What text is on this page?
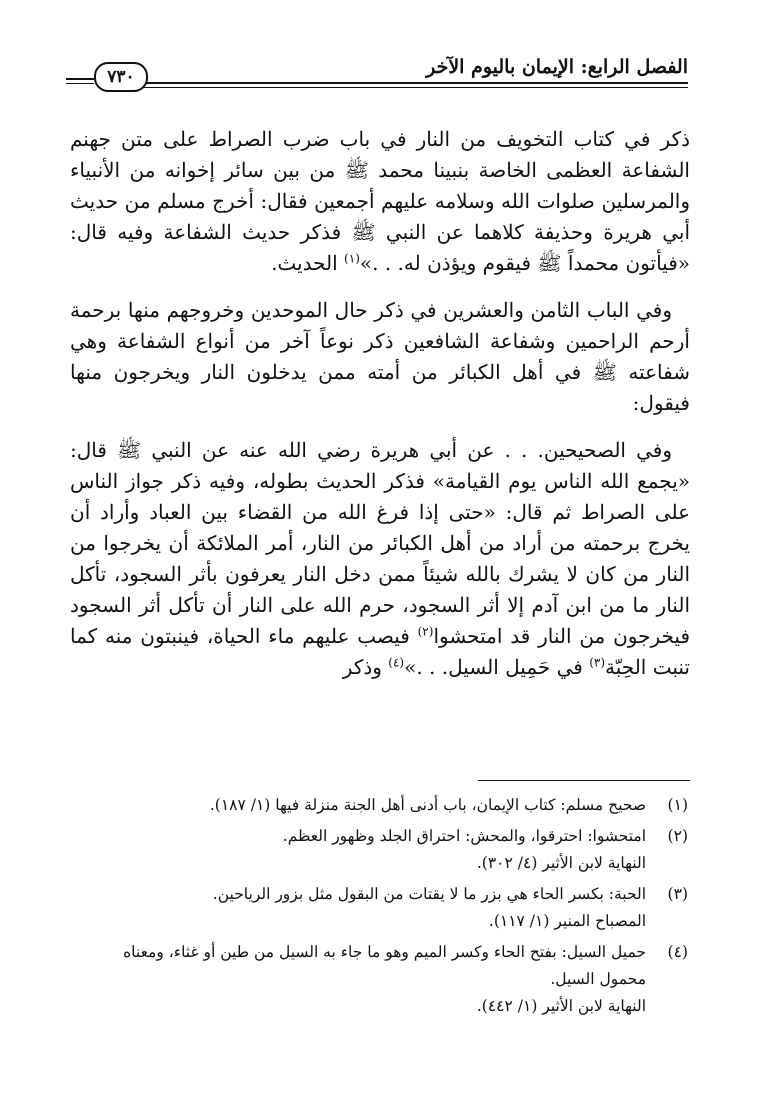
الفصل الرابع: الإيمان باليوم الآخر
٧٣٠

ذكر في كتاب التخويف من النار في باب ضرب الصراط على متن جهنم الشفاعة العظمى الخاصة بنبينا محمد ﷺ من بين سائر إخوانه من الأنبياء والمرسلين صلوات الله وسلامه عليهم أجمعين فقال: أخرج مسلم من حديث أبي هريرة وحذيفة كلاهما عن النبي ﷺ فذكر حديث الشفاعة وفيه قال: «فيأتون محمداً ﷺ فيقوم ويؤذن له. . .»$^{(١)}$ الحديث.

وفي الباب الثامن والعشرين في ذكر حال الموحدين وخروجهم منها برحمة أرحم الراحمين وشفاعة الشافعين ذكر نوعاً آخر من أنواع الشفاعة وهي شفاعته ﷺ في أهل الكبائر من أمته ممن يدخلون النار ويخرجون منها فيقول:

وفي الصحيحين. . . عن أبي هريرة رضي الله عنه عن النبي ﷺ قال: «يجمع الله الناس يوم القيامة» فذكر الحديث بطوله، وفيه ذكر جواز الناس على الصراط ثم قال: «حتى إذا فرغ الله من القضاء بين العباد وأراد أن يخرج برحمته من أراد من أهل الكبائر من النار، أمر الملائكة أن يخرجوا من النار من كان لا يشرك بالله شيئاً ممن دخل النار يعرفون بأثر السجود، تأكل النار ما من ابن آدم إلا أثر السجود، حرم الله على النار أن تأكل أثر السجود فيخرجون من النار قد امتحشوا$^{(٢)}$ فيصب عليهم ماء الحياة، فينبتون منه كما تنبت الحِبّة$^{(٣)}$ في حَمِيل السيل. . .»$^{(٤)}$ وذكر

(١)
صحيح مسلم: كتاب الإيمان، باب أدنى أهل الجنة منزلة فيها (١/ ١٨٧).
(٢)
امتحشوا: احترقوا، والمحش: احتراق الجلد وظهور العظم.
النهاية لابن الأثير (٤/ ٣٠٢).
(٣)
الحبة: بكسر الحاء هي بزر ما لا يقتات من البقول مثل بزور الرياحين.
المصباح المنير (١/ ١١٧).
(٤)
حميل السيل: بفتح الحاء وكسر الميم وهو ما جاء به السيل من طين أو غثاء، ومعناه محمول السيل.
النهاية لابن الأثير (١/ ٤٤٢).
